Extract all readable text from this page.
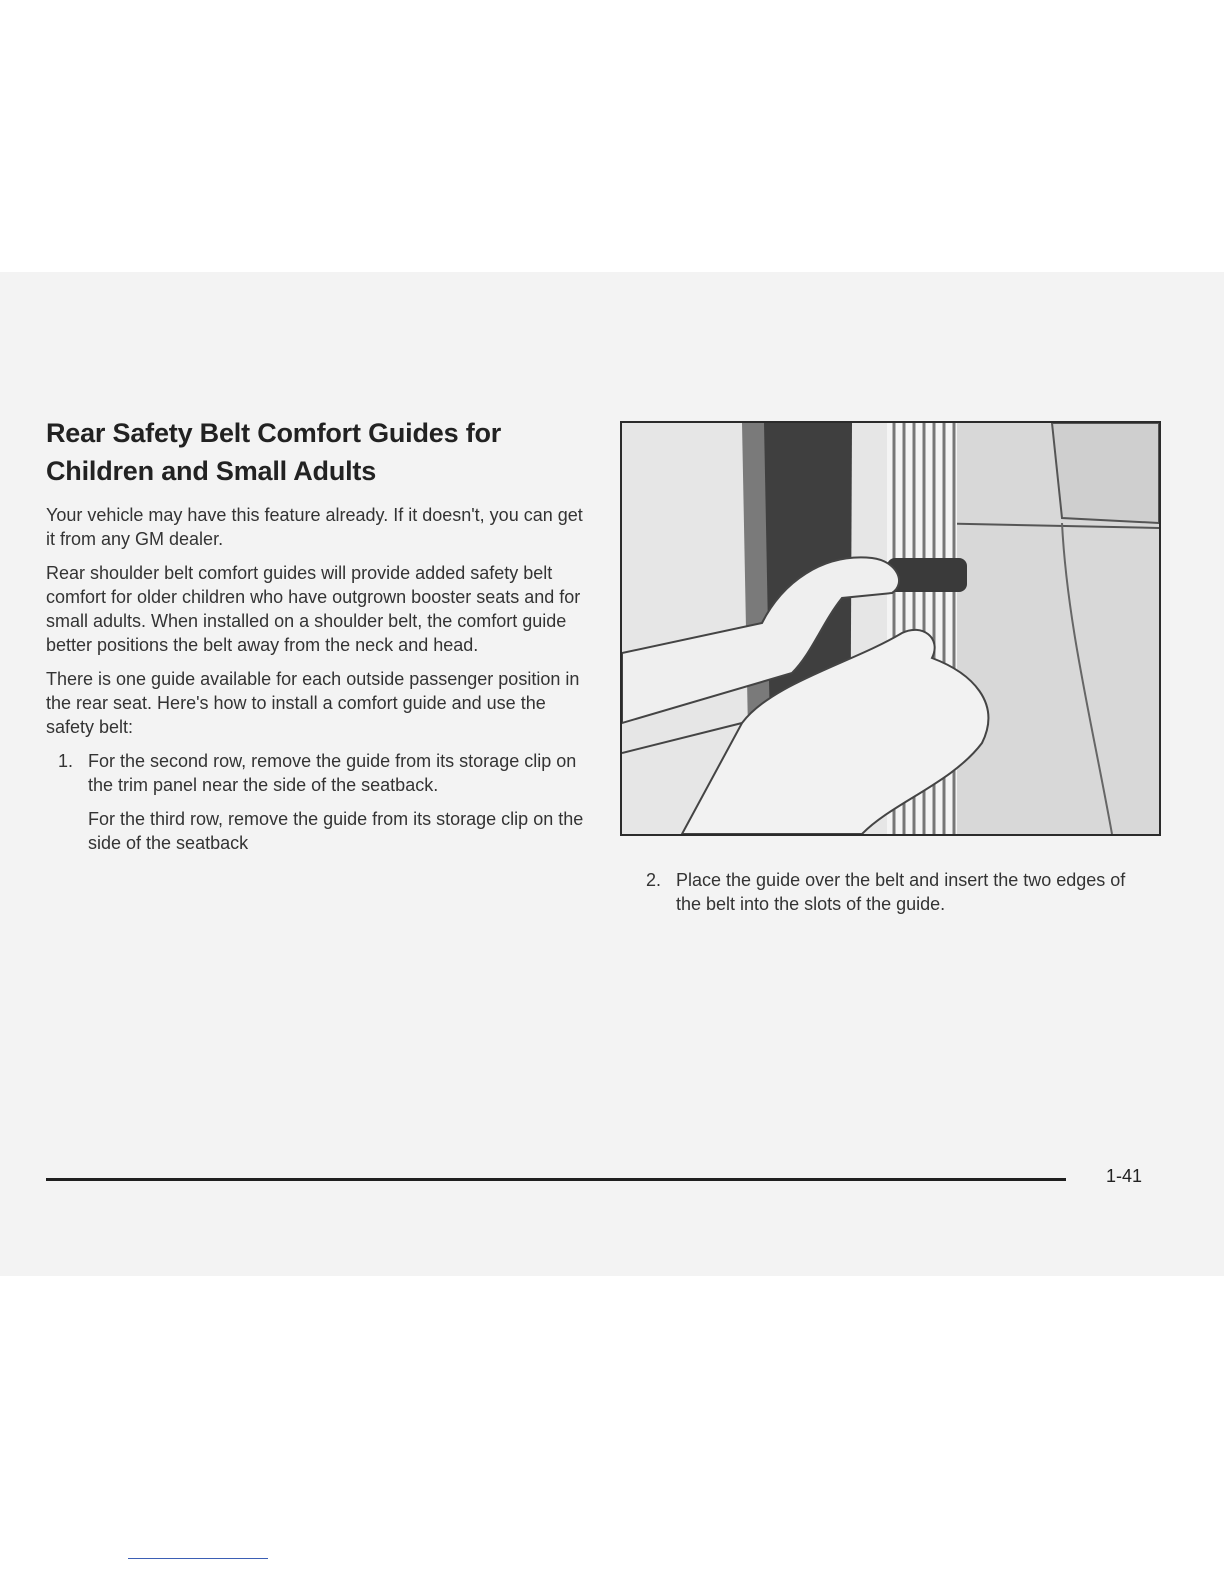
Rear Safety Belt Comfort Guides for Children and Small Adults

Your vehicle may have this feature already. If it doesn't, you can get it from any GM dealer.

Rear shoulder belt comfort guides will provide added safety belt comfort for older children who have outgrown booster seats and for small adults. When installed on a shoulder belt, the comfort guide better positions the belt away from the neck and head.

There is one guide available for each outside passenger position in the rear seat. Here's how to install a comfort guide and use the safety belt:

1. For the second row, remove the guide from its storage clip on the trim panel near the side of the seatback.

For the third row, remove the guide from its storage clip on the side of the seatback

2. Place the guide over the belt and insert the two edges of the belt into the slots of the guide.

1-41
